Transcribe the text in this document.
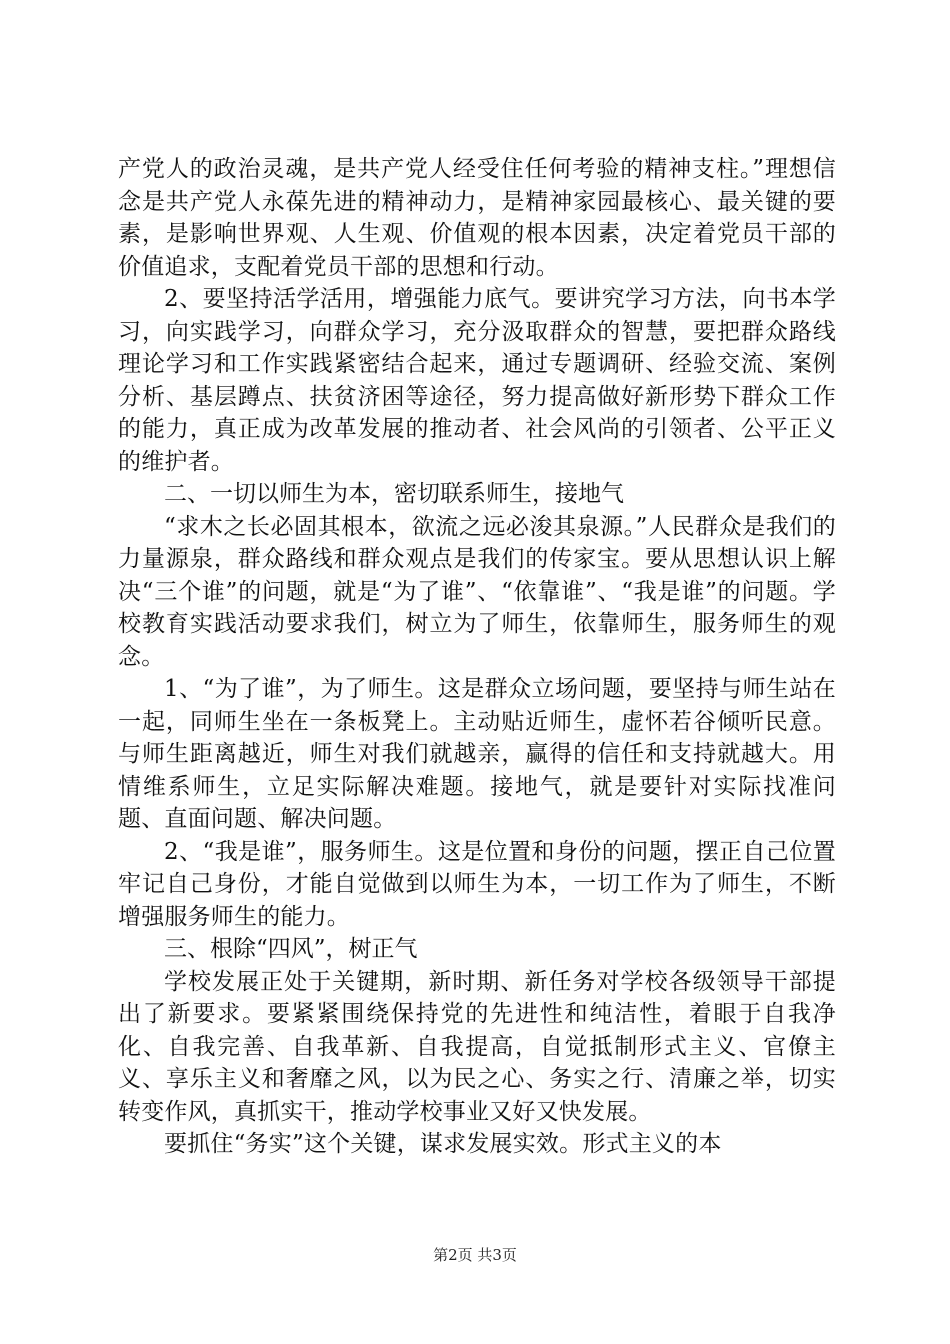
产党人的政治灵魂，是共产党人经受住任何考验的精神支柱。”理想信念是共产党人永葆先进的精神动力，是精神家园最核心、最关键的要素，是影响世界观、人生观、价值观的根本因素，决定着党员干部的价值追求，支配着党员干部的思想和行动。

2、要坚持活学活用，增强能力底气。要讲究学习方法，向书本学习，向实践学习，向群众学习，充分汲取群众的智慧，要把群众路线理论学习和工作实践紧密结合起来，通过专题调研、经验交流、案例分析、基层蹲点、扶贫济困等途径，努力提高做好新形势下群众工作的能力，真正成为改革发展的推动者、社会风尚的引领者、公平正义的维护者。

二、一切以师生为本，密切联系师生，接地气

“求木之长必固其根本，欲流之远必浚其泉源。”人民群众是我们的力量源泉，群众路线和群众观点是我们的传家宝。要从思想认识上解决“三个谁”的问题，就是“为了谁”、“依靠谁”、“我是谁”的问题。学校教育实践活动要求我们，树立为了师生，依靠师生，服务师生的观念。

1、“为了谁”，为了师生。这是群众立场问题，要坚持与师生站在一起，同师生坐在一条板凳上。主动贴近师生，虚怀若谷倾听民意。与师生距离越近，师生对我们就越亲，赢得的信任和支持就越大。用情维系师生，立足实际解决难题。接地气，就是要针对实际找准问题、直面问题、解决问题。

2、“我是谁”，服务师生。这是位置和身份的问题，摆正自己位置牢记自己身份，才能自觉做到以师生为本，一切工作为了师生，不断增强服务师生的能力。

三、根除“四风”，树正气

学校发展正处于关键期，新时期、新任务对学校各级领导干部提出了新要求。要紧紧围绕保持党的先进性和纯洁性，着眼于自我净化、自我完善、自我革新、自我提高，自觉抵制形式主义、官僚主义、享乐主义和奢靡之风，以为民之心、务实之行、清廉之举，切实转变作风，真抓实干，推动学校事业又好又快发展。

要抓住“务实”这个关键，谋求发展实效。形式主义的本

第2页 共3页
